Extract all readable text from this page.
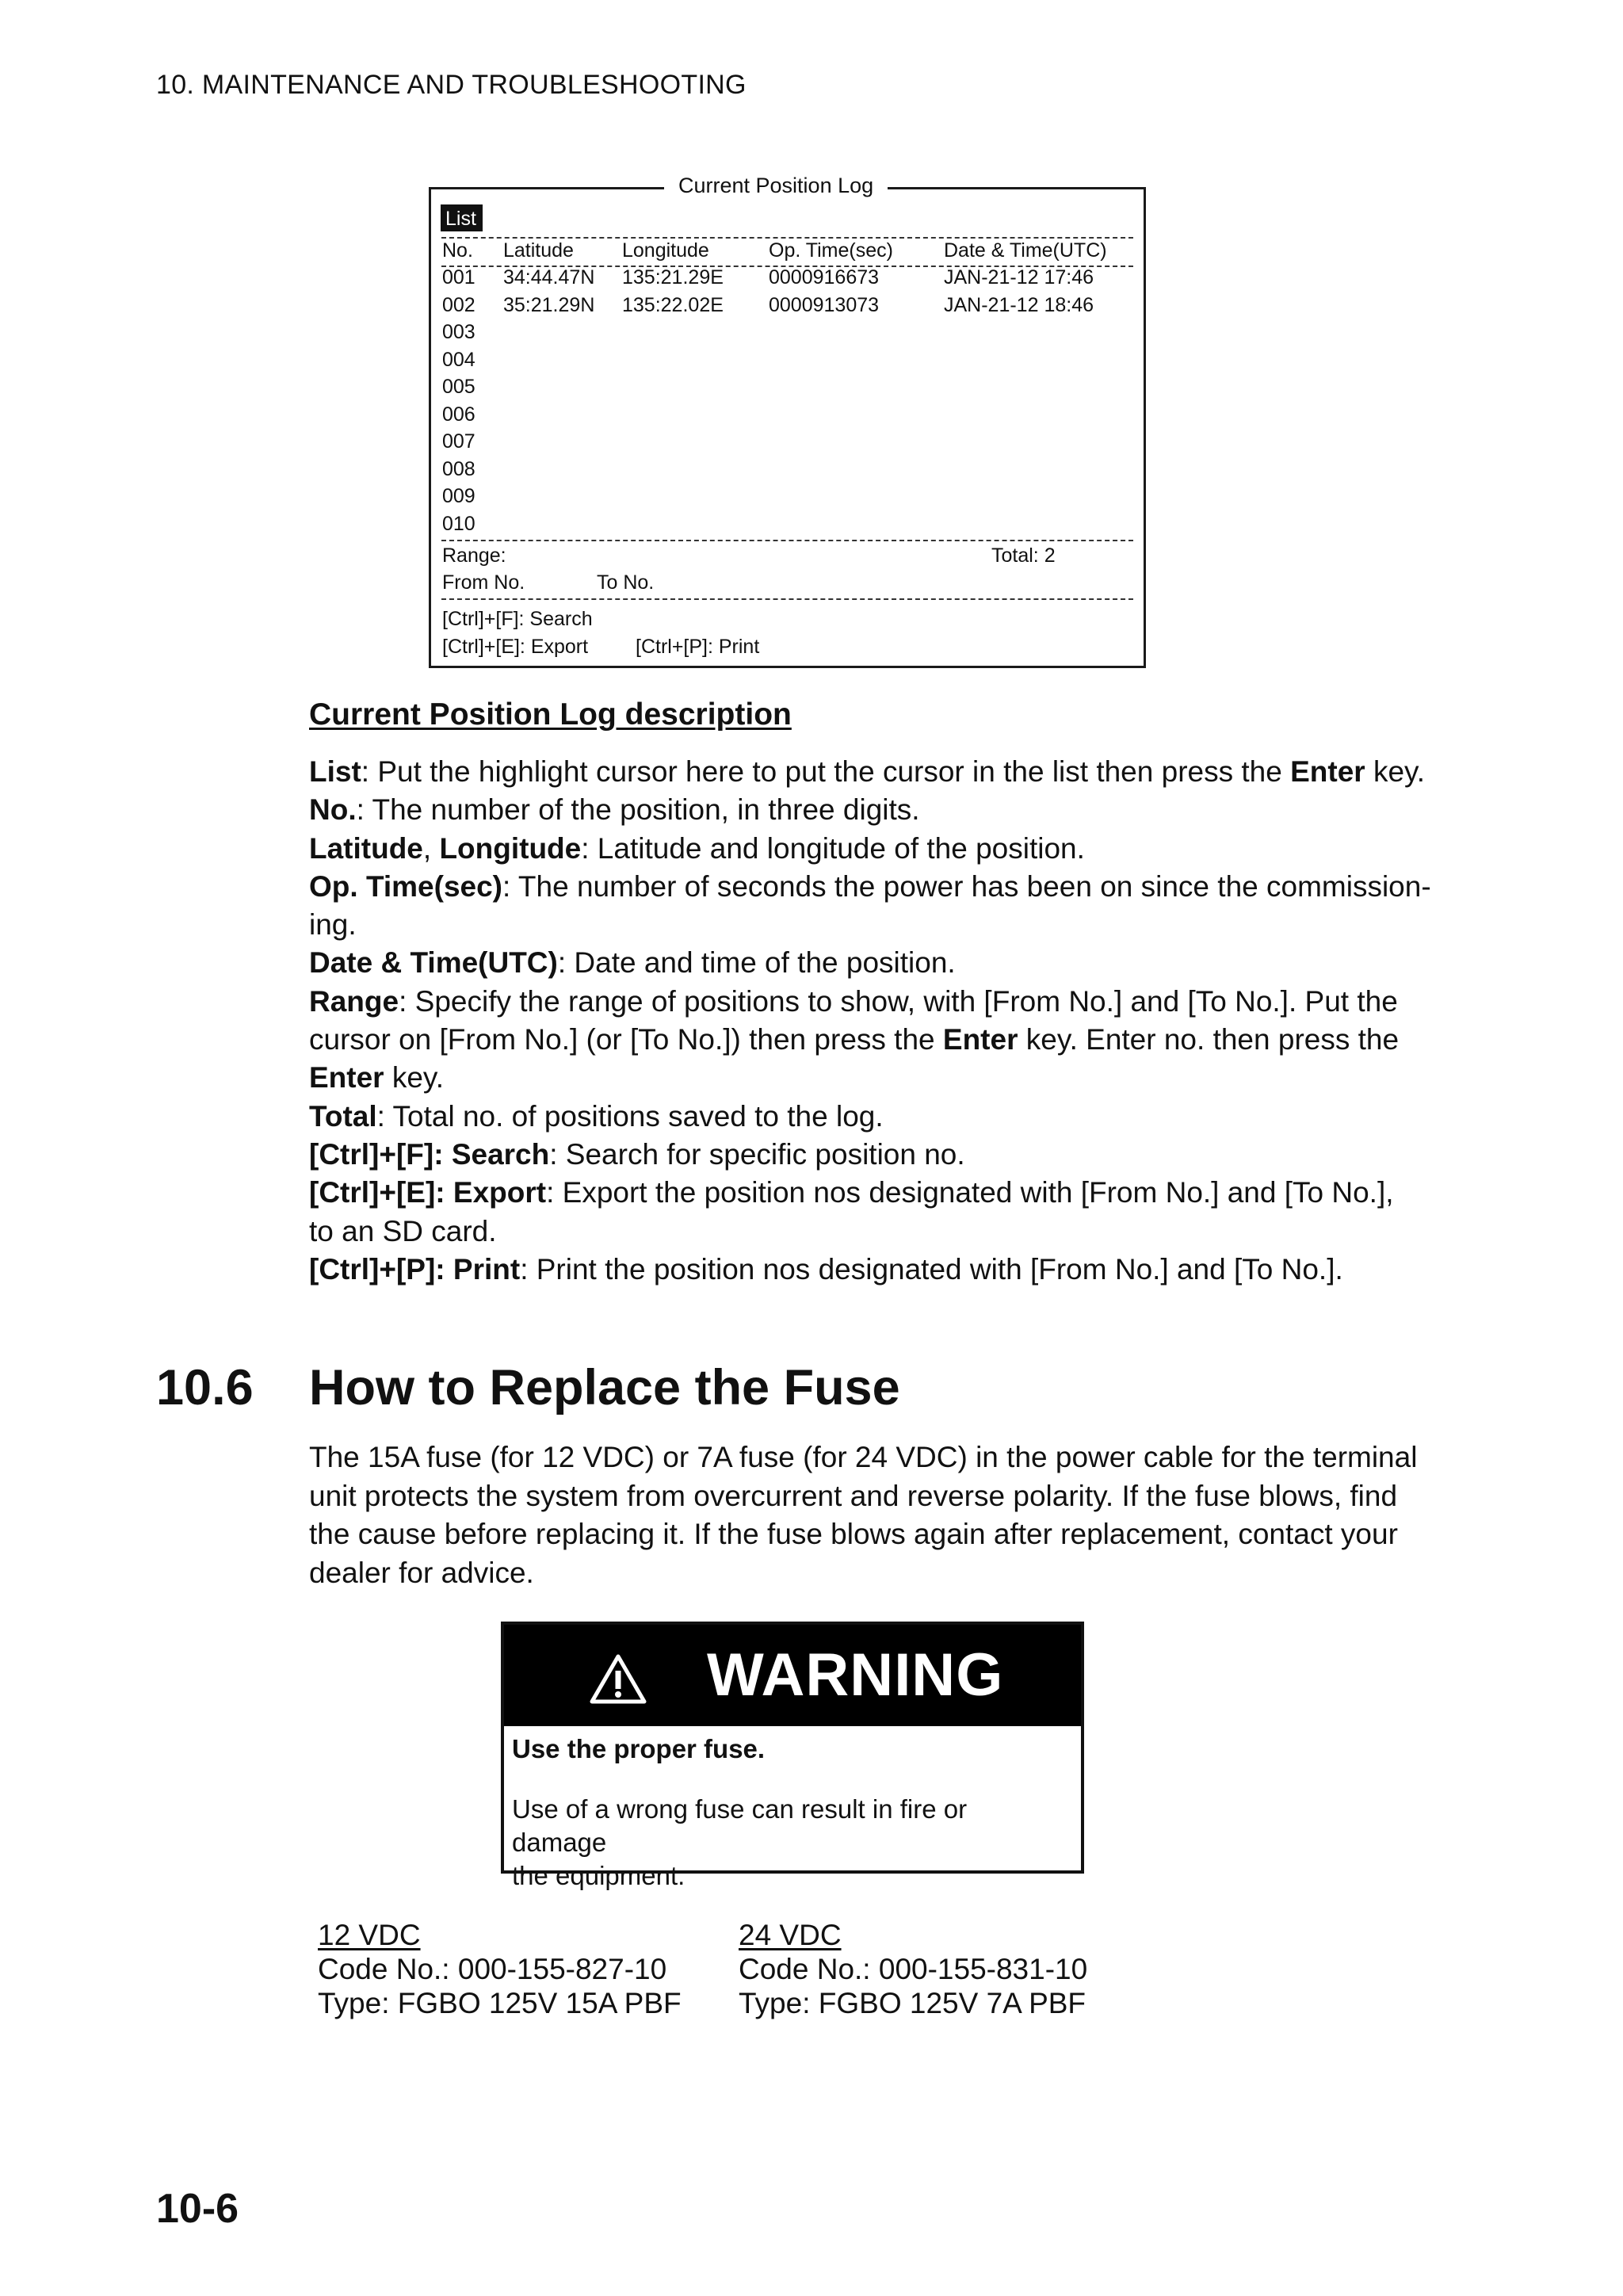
10. MAINTENANCE AND TROUBLESHOOTING
List
No. Latitude Longitude	Op. Time(sec)	Date & Time(UTC)
001 34:44.47N 135:21.29E 0000916673	JAN-21-12 17:46
002 35:21.29N 135:22.02E 0000913073	JAN-21-12 18:46
003
004
005
006
007
008
009
010
Range:	Total: 2
From No.	To No.
[Ctrl]+[F]: Search
[Ctrl]+[E]: Export [Ctrl+[P]: Print
Current Position Log
Current Position Log description
List: Put the highlight cursor here to put the cursor in the list then press the Enter key.
No.: The number of the position, in three digits.
Latitude, Longitude: Latitude and longitude of the position.
Op. Time(sec): The number of seconds the power has been on since the commission-
ing.
Date & Time(UTC): Date and time of the position.
Range: Specify the range of positions to show, with [From No.] and [To No.]. Put the
cursor on [From No.] (or [To No.]) then press the Enter key. Enter no. then press the
Enter key.
Total: Total no. of positions saved to the log.
[Ctrl]+[F]: Search: Search for specific position no.
[Ctrl]+[E]: Export: Export the position nos designated with [From No.] and [To No.],
to an SD card.
[Ctrl]+[P]: Print: Print the position nos designated with [From No.] and [To No.].
10.6 How to Replace the Fuse
The 15A fuse (for 12 VDC) or 7A fuse (for 24 VDC) in the power cable for the terminal
unit protects the system from overcurrent and reverse polarity. If the fuse blows, find
the cause before replacing it. If the fuse blows again after replacement, contact your
dealer for advice.
WARNING
Use the proper fuse.
Use of a wrong fuse can result in fire or damage
the equipment.
12 VDC
Code No.: 000-155-827-10
Type: FGBO 125V 15A PBF
24 VDC
Code No.: 000-155-831-10
Type: FGBO 125V 7A PBF
10-6
